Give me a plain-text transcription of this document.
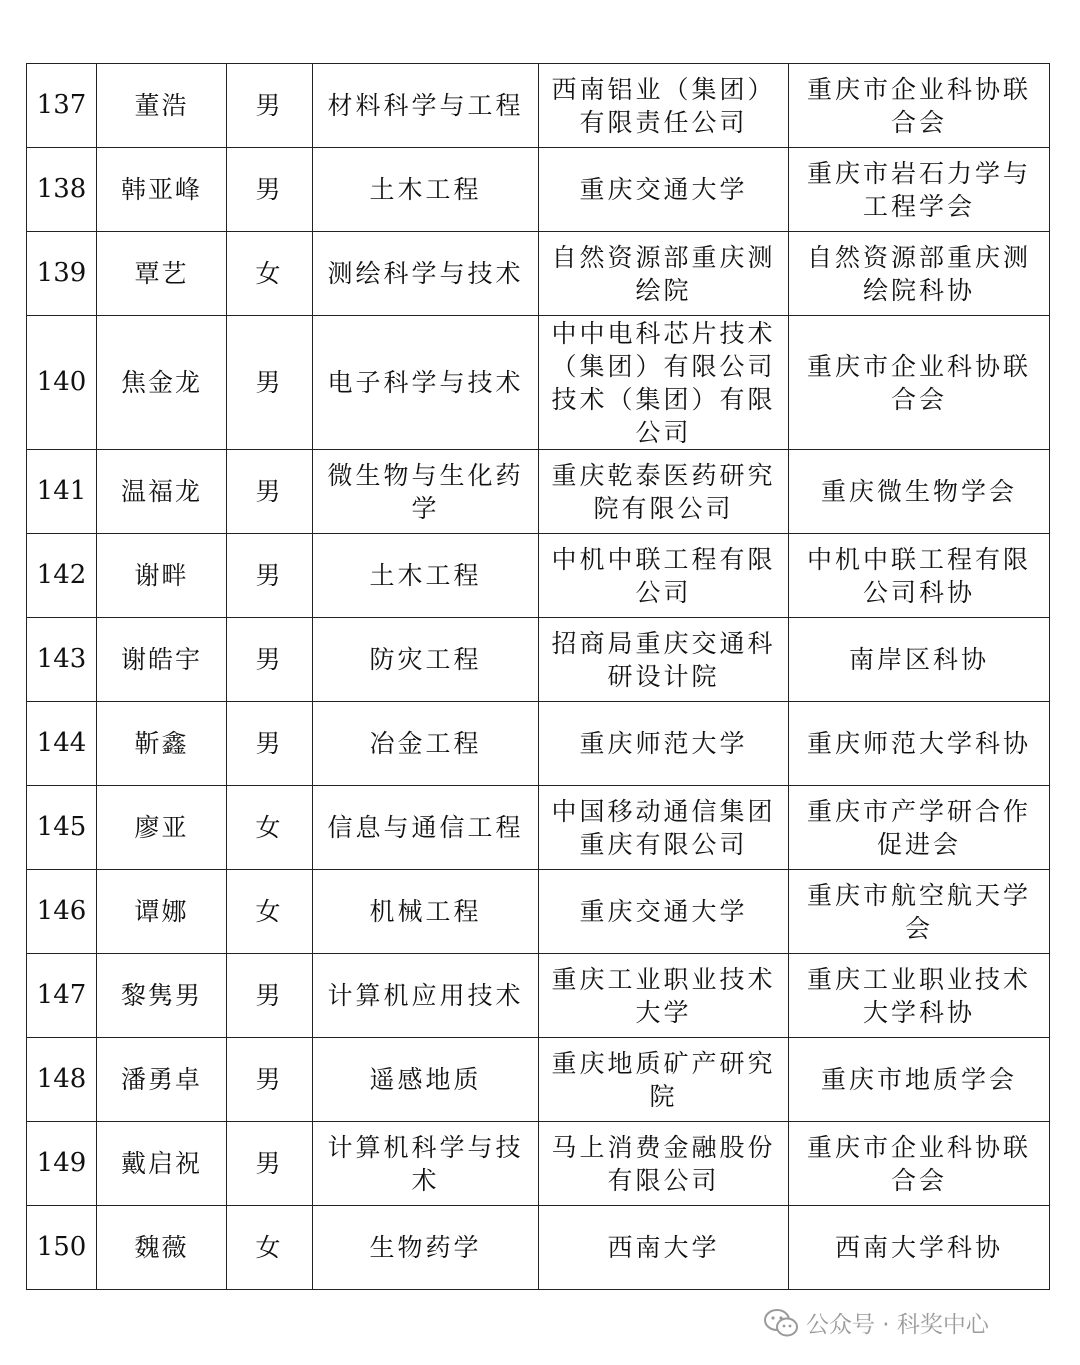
137	董浩	男	材料科学与工程	西南铝业（集团）有限责任公司	重庆市企业科协联合会
138	韩亚峰	男	土木工程	重庆交通大学	重庆市岩石力学与工程学会
139	覃艺	女	测绘科学与技术	自然资源部重庆测绘院	自然资源部重庆测绘院科协
140	焦金龙	男	电子科学与技术	中中电科芯片技术（集团）有限公司技术（集团）有限公司	重庆市企业科协联合会
141	温福龙	男	微生物与生化药学	重庆乾泰医药研究院有限公司	重庆微生物学会
142	谢畔	男	土木工程	中机中联工程有限公司	中机中联工程有限公司科协
143	谢皓宇	男	防灾工程	招商局重庆交通科研设计院	南岸区科协
144	靳鑫	男	冶金工程	重庆师范大学	重庆师范大学科协
145	廖亚	女	信息与通信工程	中国移动通信集团重庆有限公司	重庆市产学研合作促进会
146	谭娜	女	机械工程	重庆交通大学	重庆市航空航天学会
147	黎隽男	男	计算机应用技术	重庆工业职业技术大学	重庆工业职业技术大学科协
148	潘勇卓	男	遥感地质	重庆地质矿产研究院	重庆市地质学会
149	戴启祝	男	计算机科学与技术	马上消费金融股份有限公司	重庆市企业科协联合会
150	魏薇	女	生物药学	西南大学	西南大学科协
公众号 · 科奖中心
